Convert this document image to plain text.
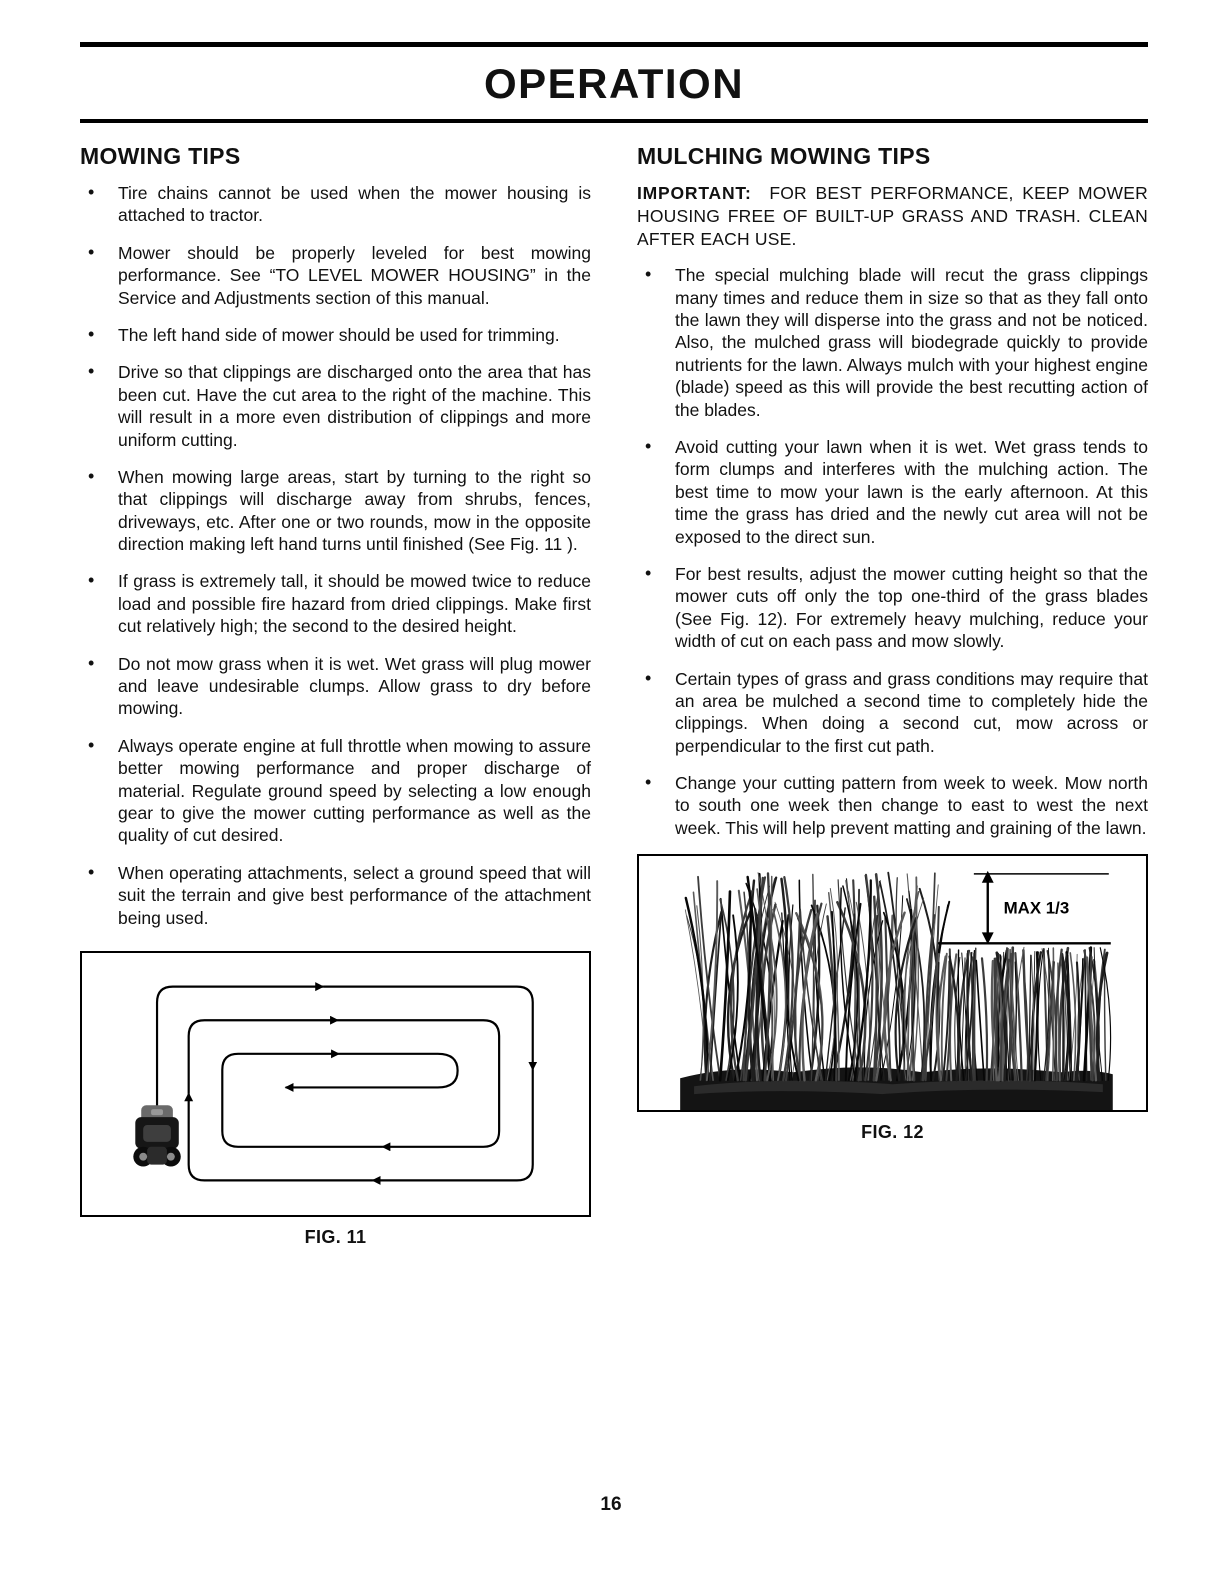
OPERATION
MOWING TIPS
• Tire chains cannot be used when the mower housing is attached to tractor.
• Mower should be properly leveled for best mowing performance. See “TO LEVEL MOWER HOUSING” in the Service and Adjustments section of this manual.
• The left hand side of mower should be used for trimming.
• Drive so that clippings are discharged onto the area that has been cut. Have the cut area to the right of the machine. This will result in a more even distribution of clippings and more uniform cutting.
• When mowing large areas, start by turning to the right so that clippings will discharge away from shrubs, fences, driveways, etc. After one or two rounds, mow in the opposite direction making left hand turns until finished (See Fig. 11 ).
• If grass is extremely tall, it should be mowed twice to reduce load and possible fire hazard from dried clippings. Make first cut relatively high; the second to the desired height.
• Do not mow grass when it is wet. Wet grass will plug mower and leave undesirable clumps. Allow grass to dry before mowing.
• Always operate engine at full throttle when mowing to assure better mowing performance and proper discharge of material. Regulate ground speed by selecting a low enough gear to give the mower cutting performance as well as the quality of cut desired.
• When operating attachments, select a ground speed that will suit the terrain and give best performance of the attachment being used.
FIG. 11
MULCHING MOWING TIPS

IMPORTANT:  FOR BEST PERFORMANCE, KEEP MOWER HOUSING FREE OF BUILT-UP GRASS AND TRASH. CLEAN AFTER EACH USE.

• The special mulching blade will recut the grass clippings many times and reduce them in size so that as they fall onto the lawn they will disperse into the grass and not be noticed. Also, the mulched grass will biodegrade quickly to provide nutrients for the lawn. Always mulch with your highest engine (blade) speed as this will provide the best recutting action of the blades.
• Avoid cutting your lawn when it is wet. Wet grass tends to form clumps and interferes with the mulching action. The best time to mow your lawn is the early afternoon. At this time the grass has dried and the newly cut area will not be exposed to the direct sun.
• For best results, adjust the mower cutting height so that the mower cuts off only the top one-third of the grass blades (See Fig. 12). For extremely heavy mulching, reduce your width of cut on each pass and mow slowly.
• Certain types of grass and grass conditions may require that an area be mulched a second time to completely hide the clippings. When doing a second cut, mow across or perpendicular to the first cut path.
• Change your cutting pattern from week to week. Mow north to south one week then change to east to west the next week. This will help prevent matting and graining of the lawn.
MAX 1/3
FIG. 12
16
